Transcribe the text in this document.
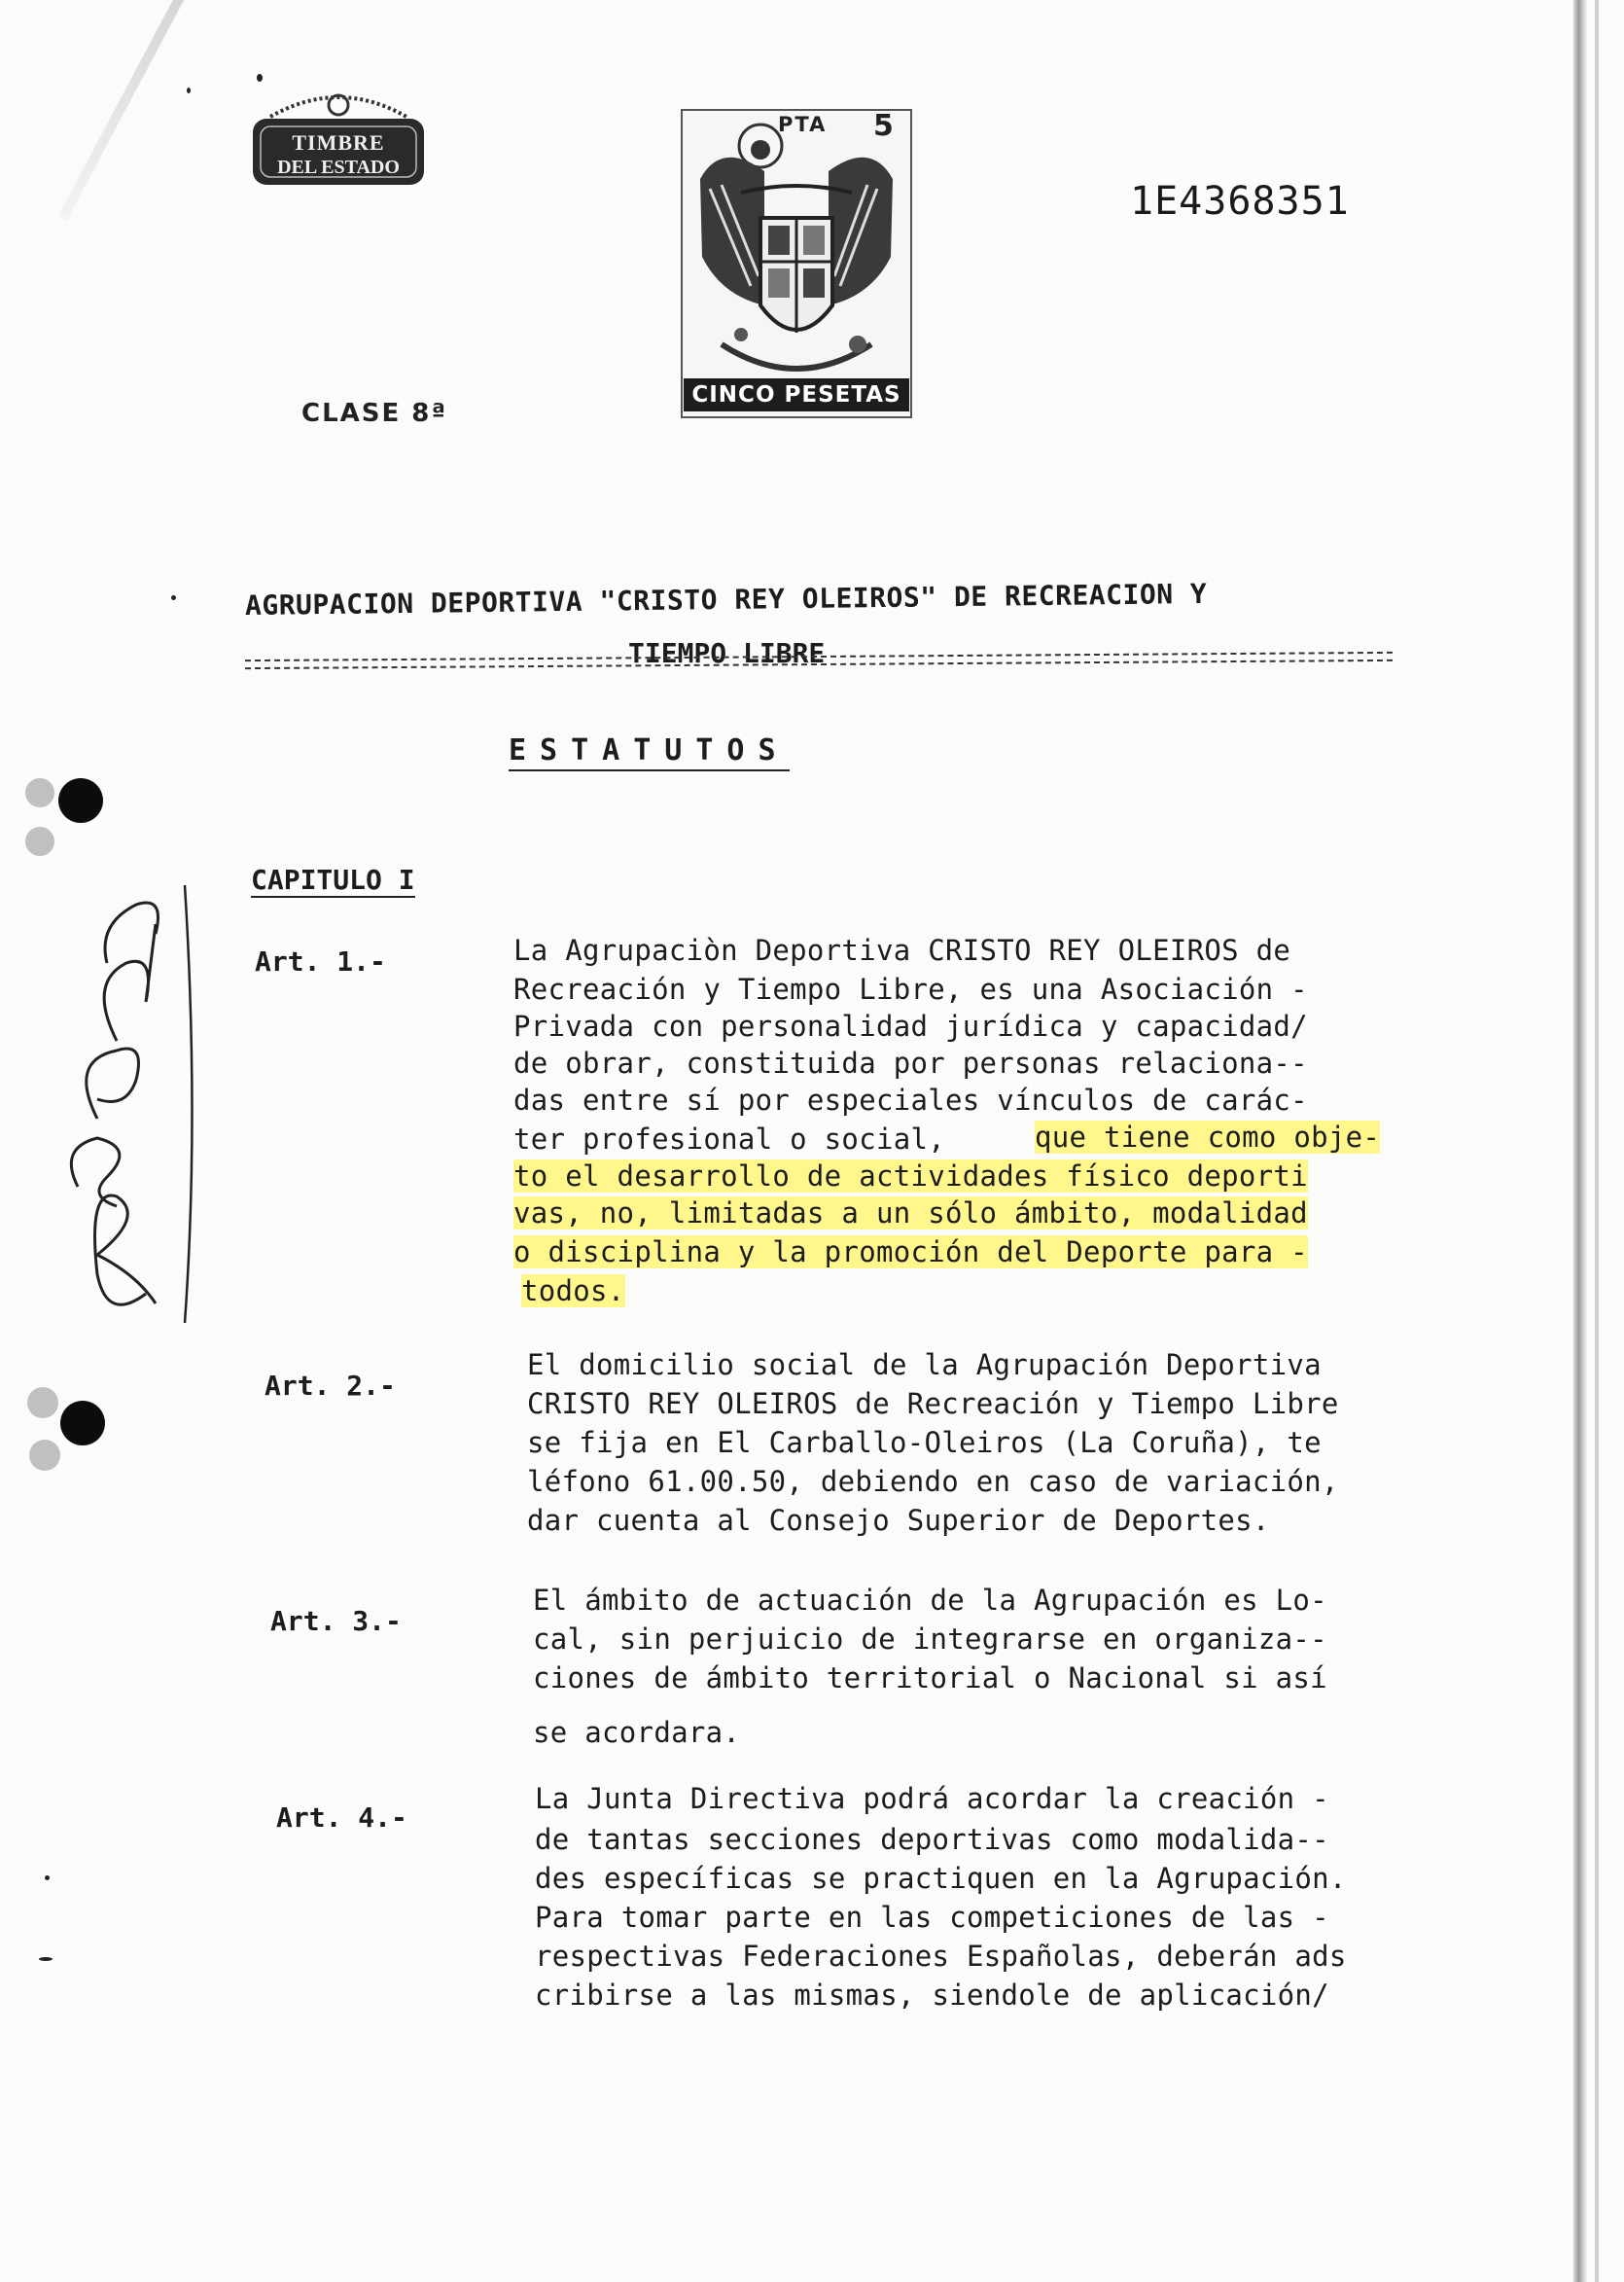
TIMBRE
DEL ESTADO
PTA 5
CINCO PESETAS
1E4368351
CLASE 8ª
AGRUPACION DEPORTIVA "CRISTO REY OLEIROS" DE RECREACION Y
TIEMPO LIBRE
ESTATUTOS
CAPITULO I
Art. 1.-	La Agrupaciòn Deportiva CRISTO REY OLEIROS de
Recreación y Tiempo Libre, es una Asociación -
Privada con personalidad jurídica y capacidad/
de obrar, constituida por personas relaciona--
das entre sí por especiales vínculos de carác-
ter profesional o social,	que tiene como obje-
to el desarrollo de actividades físico deporti
vas, no, limitadas a un sólo ámbito, modalidad
o disciplina y la promoción del Deporte para -
todos.
Art. 2.-
El domicilio social de la Agrupación Deportiva
CRISTO REY OLEIROS de Recreación y Tiempo Libre
se fija en El Carballo-Oleiros (La Coruña), te
léfono 61.00.50, debiendo en caso de variación,
dar cuenta al Consejo Superior de Deportes.
Art. 3.-
El ámbito de actuación de la Agrupación es Lo-
cal, sin perjuicio de integrarse en organiza--
ciones de ámbito territorial o Nacional si así
se acordara.
Art. 4.-
La Junta Directiva podrá acordar la creación -
de tantas secciones deportivas como modalida--
des específicas se practiquen en la Agrupación.
Para tomar parte en las competiciones de las -
respectivas Federaciones Españolas, deberán ads
cribirse a las mismas, siendole de aplicación/
